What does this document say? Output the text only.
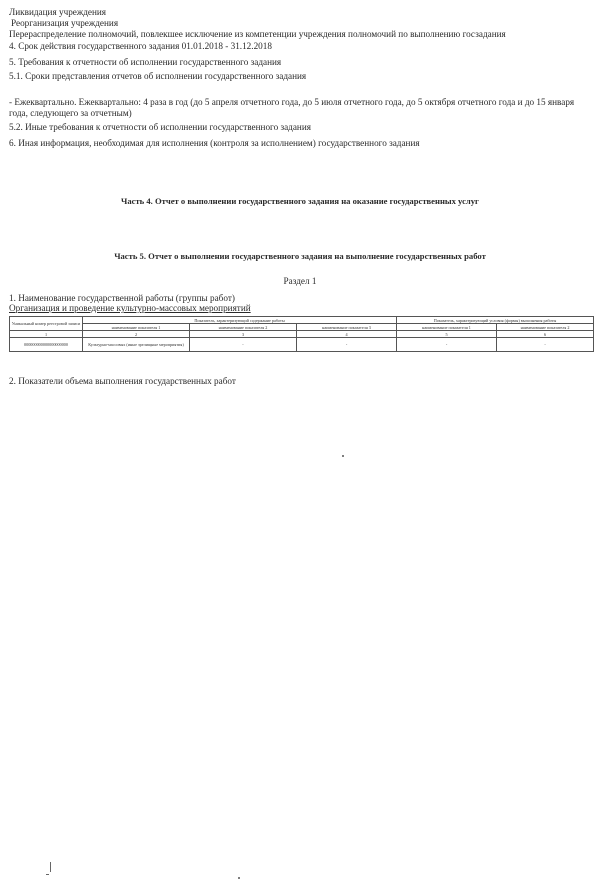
Ликвидация учреждения
Реорганизация учреждения
Перераспределение полномочий, повлекшее исключение из компетенции учреждения полномочий по выполнению госзадания
4. Срок действия государственного задания 01.01.2018 - 31.12.2018
5. Требования к отчетности об исполнении государственного задания
5.1. Сроки представления отчетов об исполнении государственного задания
- Ежеквартально. Ежеквартально: 4 раза в год (до 5 апреля отчетного года, до 5 июля отчетного года, до 5 октября отчетного года и до 15 января года, следующего за отчетным)
5.2. Иные требования к отчетности об исполнении государственного задания
6. Иная информация, необходимая для исполнения (контроля за исполнением) государственного задания
Часть 4. Отчет о выполнении государственного задания на оказание государственных услуг
Часть 5. Отчет о выполнении государственного задания на выполнение государственных работ
Раздел 1
1. Наименование государственной работы (группы работ)
Организация и проведение культурно-массовых мероприятий
Уникальный номер реестровой записи	Показатель, характеризующий содержание работы			Показатель, характеризующий условия (формы) выполнения работы	
	наименование показателя 1	наименование показателя 2	наименование показателя 3	наименование показателя 1	наименование показателя 2
1	2	3	4	5	6
000000000000000000000	Культурно-массовых (иные зрелищные мероприятия)	-	-	-	-
2. Показатели объема выполнения государственных работ
